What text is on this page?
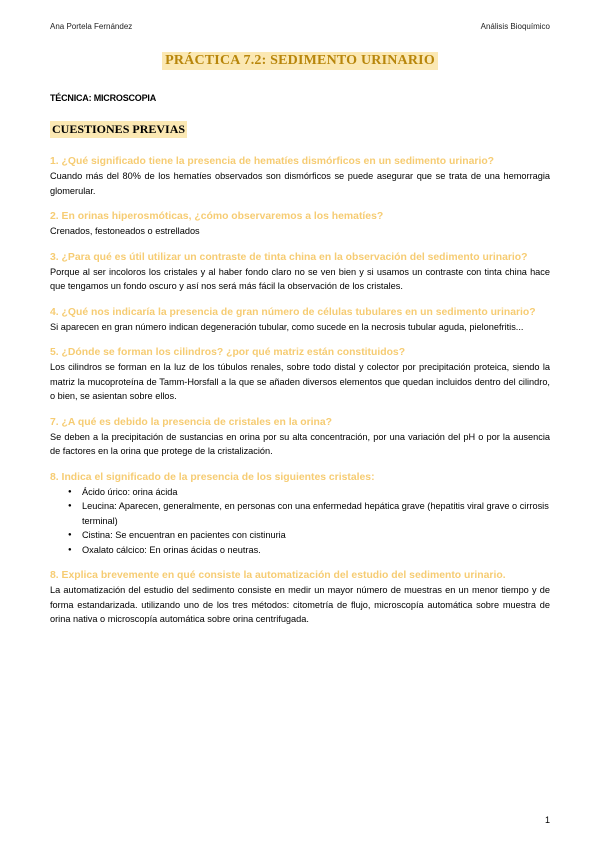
Ana Portela Fernández	Análisis Bioquímico
PRÁCTICA 7.2: SEDIMENTO URINARIO
TÉCNICA: MICROSCOPIA
CUESTIONES PREVIAS

1. ¿Qué significado tiene la presencia de hematíes dismórficos en un sedimento urinario?

Cuando más del 80% de los hematíes observados son dismórficos se puede asegurar que se trata de una hemorragia glomerular.

2. En orinas hiperosmóticas, ¿cómo observaremos a los hematíes?

Crenados, festoneados o estrellados

3. ¿Para qué es útil utilizar un contraste de tinta china en la observación del sedimento urinario?

Porque al ser incoloros los cristales y al haber fondo claro no se ven bien y si usamos un contraste con tinta china hace que tengamos un fondo oscuro y así nos será más fácil la observación de los cristales.

4. ¿Qué nos indicaría la presencia de gran número de células tubulares en un sedimento urinario?

Si aparecen en gran número indican degeneración tubular, como sucede en la necrosis tubular aguda, pielonefritis...

5. ¿Dónde se forman los cilindros? ¿por qué matriz están constituidos?

Los cilindros se forman en la luz de los túbulos renales, sobre todo distal y colector por precipitación proteica, siendo la matriz la mucoproteína de Tamm-Horsfall a la que se añaden diversos elementos que quedan incluidos dentro del cilindro, o bien, se asientan sobre ellos.

7. ¿A qué es debido la presencia de cristales en la orina?

Se deben a la precipitación de sustancias en orina por su alta concentración, por una variación del pH o por la ausencia de factores en la orina que protege de la cristalización.

8. Indica el significado de la presencia de los siguientes cristales:

● Ácido úrico: orina ácida
● Leucina: Aparecen, generalmente, en personas con una enfermedad hepática grave (hepatitis viral grave o cirrosis terminal)
● Cistina: Se encuentran en pacientes con cistinuria
● Oxalato cálcico: En orinas ácidas o neutras.

8. Explica brevemente en qué consiste la automatización del estudio del sedimento urinario.

La automatización del estudio del sedimento consiste en medir un mayor número de muestras en un menor tiempo y de forma estandarizada. utilizando uno de los tres métodos: citometría de flujo, microscopía automática sobre muestra de orina nativa o microscopía automática sobre orina centrifugada.

1
